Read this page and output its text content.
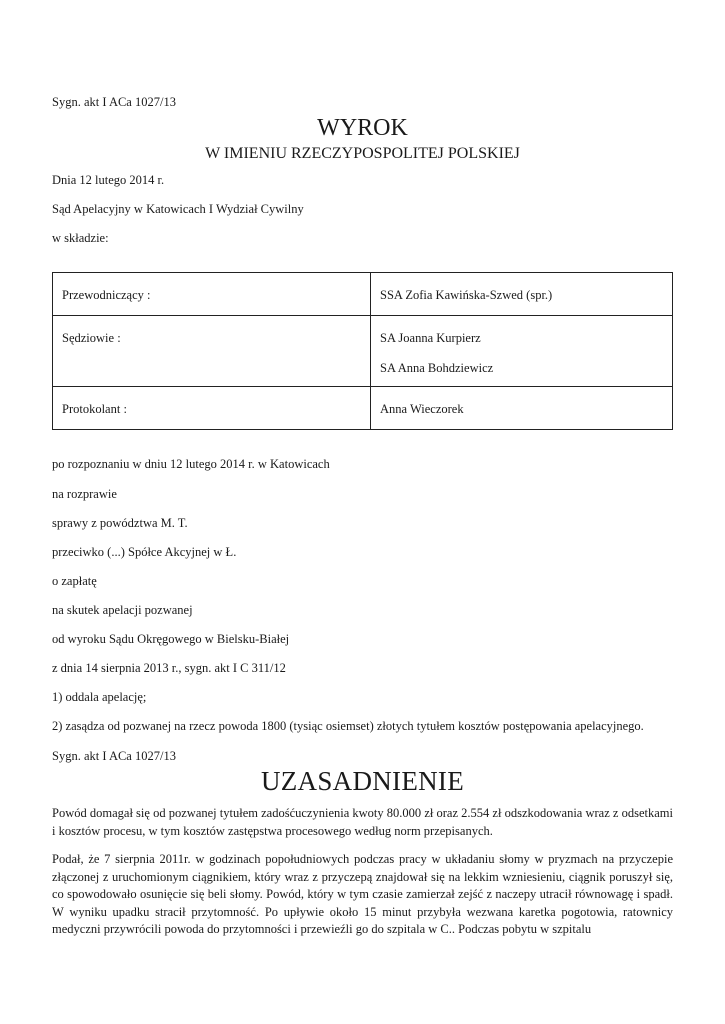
Sygn. akt I ACa 1027/13
WYROK
W IMIENIU RZECZYPOSPOLITEJ POLSKIEJ
Dnia 12 lutego 2014 r.
Sąd Apelacyjny w Katowicach I Wydział Cywilny
w składzie:
Przewodniczący :	SSA Zofia Kawińska-Szwed (spr.)

Sędziowie :	SA Joanna Kurpierz
SA Anna Bohdziewicz

Protokolant :	Anna Wieczorek
po rozpoznaniu w dniu 12 lutego 2014 r. w Katowicach
na rozprawie
sprawy z powództwa M. T.
przeciwko (...) Spółce Akcyjnej w Ł.
o zapłatę
na skutek apelacji pozwanej
od wyroku Sądu Okręgowego w Bielsku-Białej
z dnia 14 sierpnia 2013 r., sygn. akt I C 311/12
1) oddala apelację;
2) zasądza od pozwanej na rzecz powoda 1800 (tysiąc osiemset) złotych tytułem kosztów postępowania apelacyjnego.
Sygn. akt I ACa 1027/13
UZASADNIENIE
Powód domagał się od pozwanej tytułem zadośćuczynienia kwoty 80.000 zł oraz 2.554 zł odszkodowania wraz z odsetkami i kosztów procesu, w tym kosztów zastępstwa procesowego według norm przepisanych.
Podał, że 7 sierpnia 2011r. w godzinach popołudniowych podczas pracy w układaniu słomy w pryzmach na przyczepie złączonej z uruchomionym ciągnikiem, który wraz z przyczepą znajdował się na lekkim wzniesieniu, ciągnik poruszył się, co spowodowało osunięcie się beli słomy. Powód, który w tym czasie zamierzał zejść z naczepy utracił równowagę i spadł. W wyniku upadku stracił przytomność. Po upływie około 15 minut przybyła wezwana karetka pogotowia, ratownicy medyczni przywrócili powoda do przytomności i przewieźli go do szpitala w C.. Podczas pobytu w szpitalu
